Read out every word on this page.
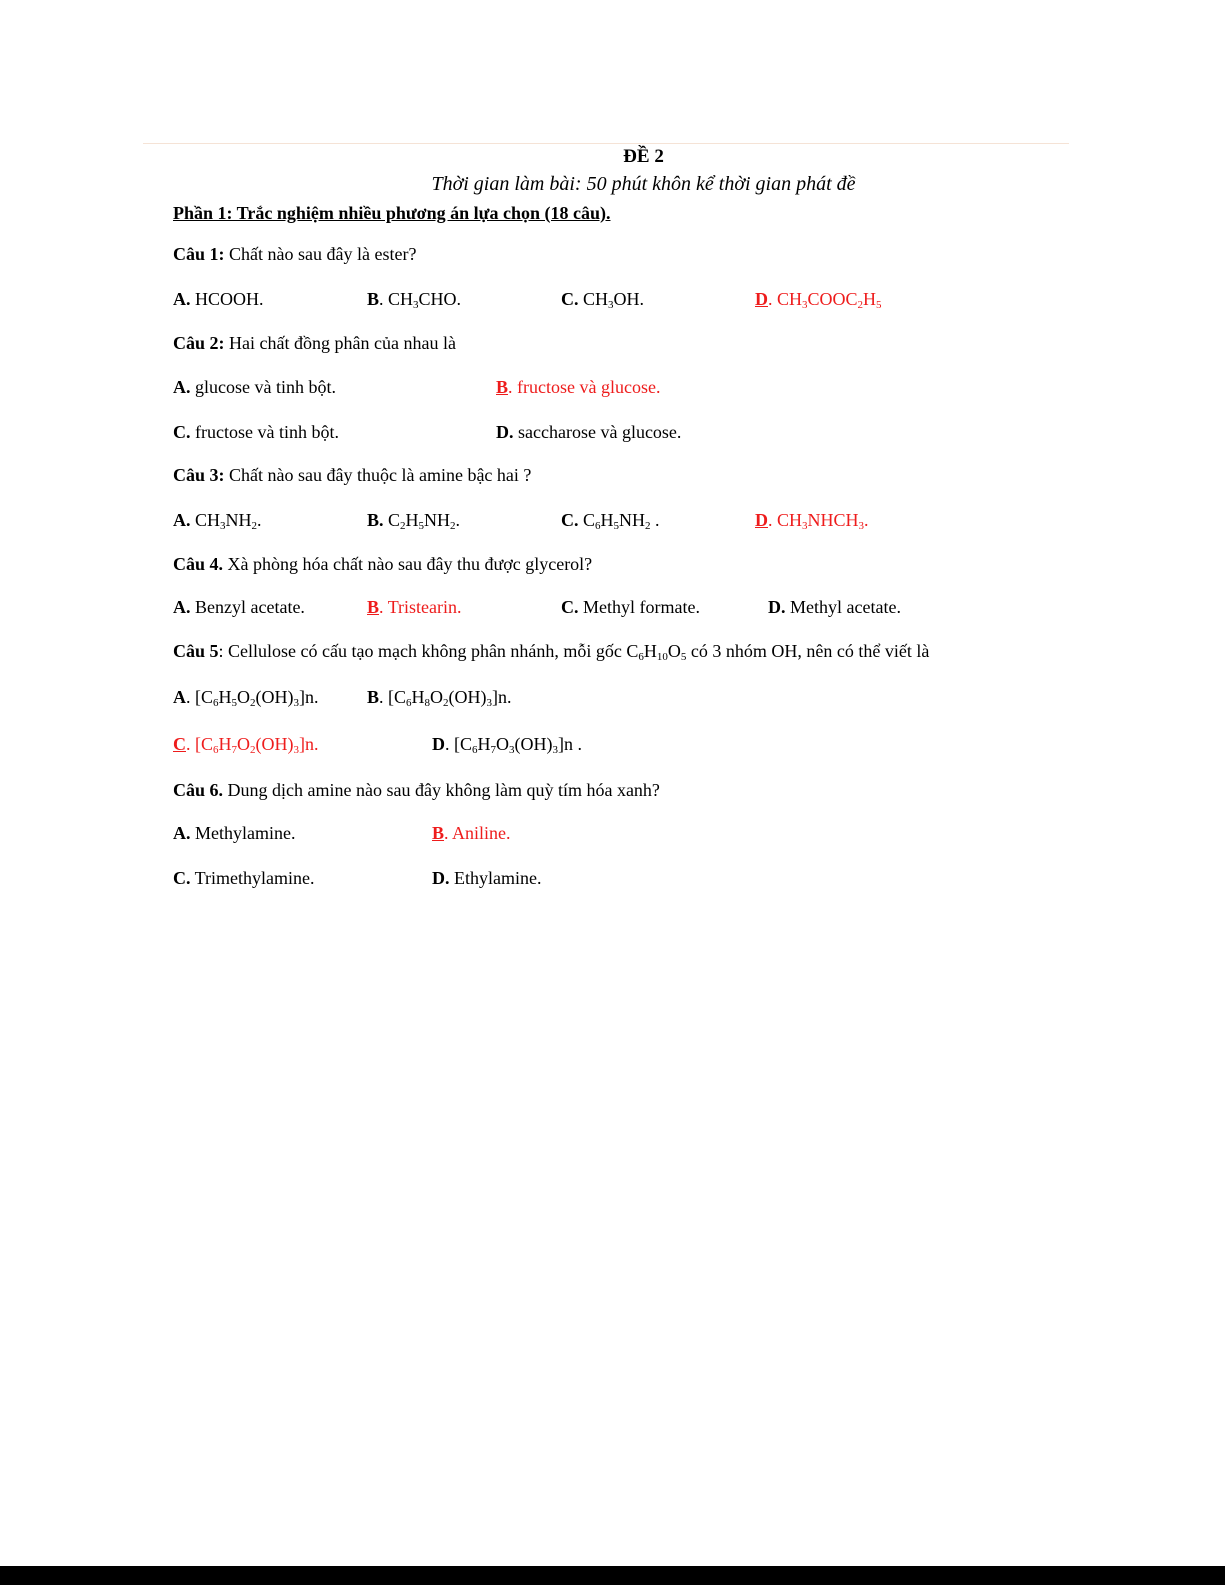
ĐỀ 2
Thời gian làm bài: 50 phút khôn kể thời gian phát đề
Phần 1: Trắc nghiệm nhiều phương án lựa chọn (18 câu).
Câu 1: Chất nào sau đây là ester?
A. HCOOH.	B. $CH_3CHO$.	C. $CH_3OH$.	D. $CH_3COOC_2H_5$
Câu 2: Hai chất đồng phân của nhau là
A. glucose và tinh bột.	B. fructose và glucose.
C. fructose và tinh bột.	D. saccharose và glucose.
Câu 3: Chất nào sau đây thuộc là amine bậc hai ?
A. $CH_3NH_2$.	B. $C_2H_5NH_2$.	C. $C_6H_5NH_2$ .	D. $CH_3NHCH_3$.
Câu 4. Xà phòng hóa chất nào sau đây thu được glycerol?
A. Benzyl acetate.	B. Tristearin.	C. Methyl formate.	D. Methyl acetate.
Câu 5: Cellulose có cấu tạo mạch không phân nhánh, mỗi gốc $C_6H_{10}O_5$ có 3 nhóm OH, nên có thể viết là
A. $[C_6H_5O_2(OH)_3]n$.	B. $[C_6H_8O_2(OH)_3]n$.
C. $[C_6H_7O_2(OH)_3]n$.	D. $[C_6H_7O_3(OH)_3]n$ .
Câu 6. Dung dịch amine nào sau đây không làm quỳ tím hóa xanh?
A. Methylamine.	B. Aniline.
C. Trimethylamine.	D. Ethylamine.
